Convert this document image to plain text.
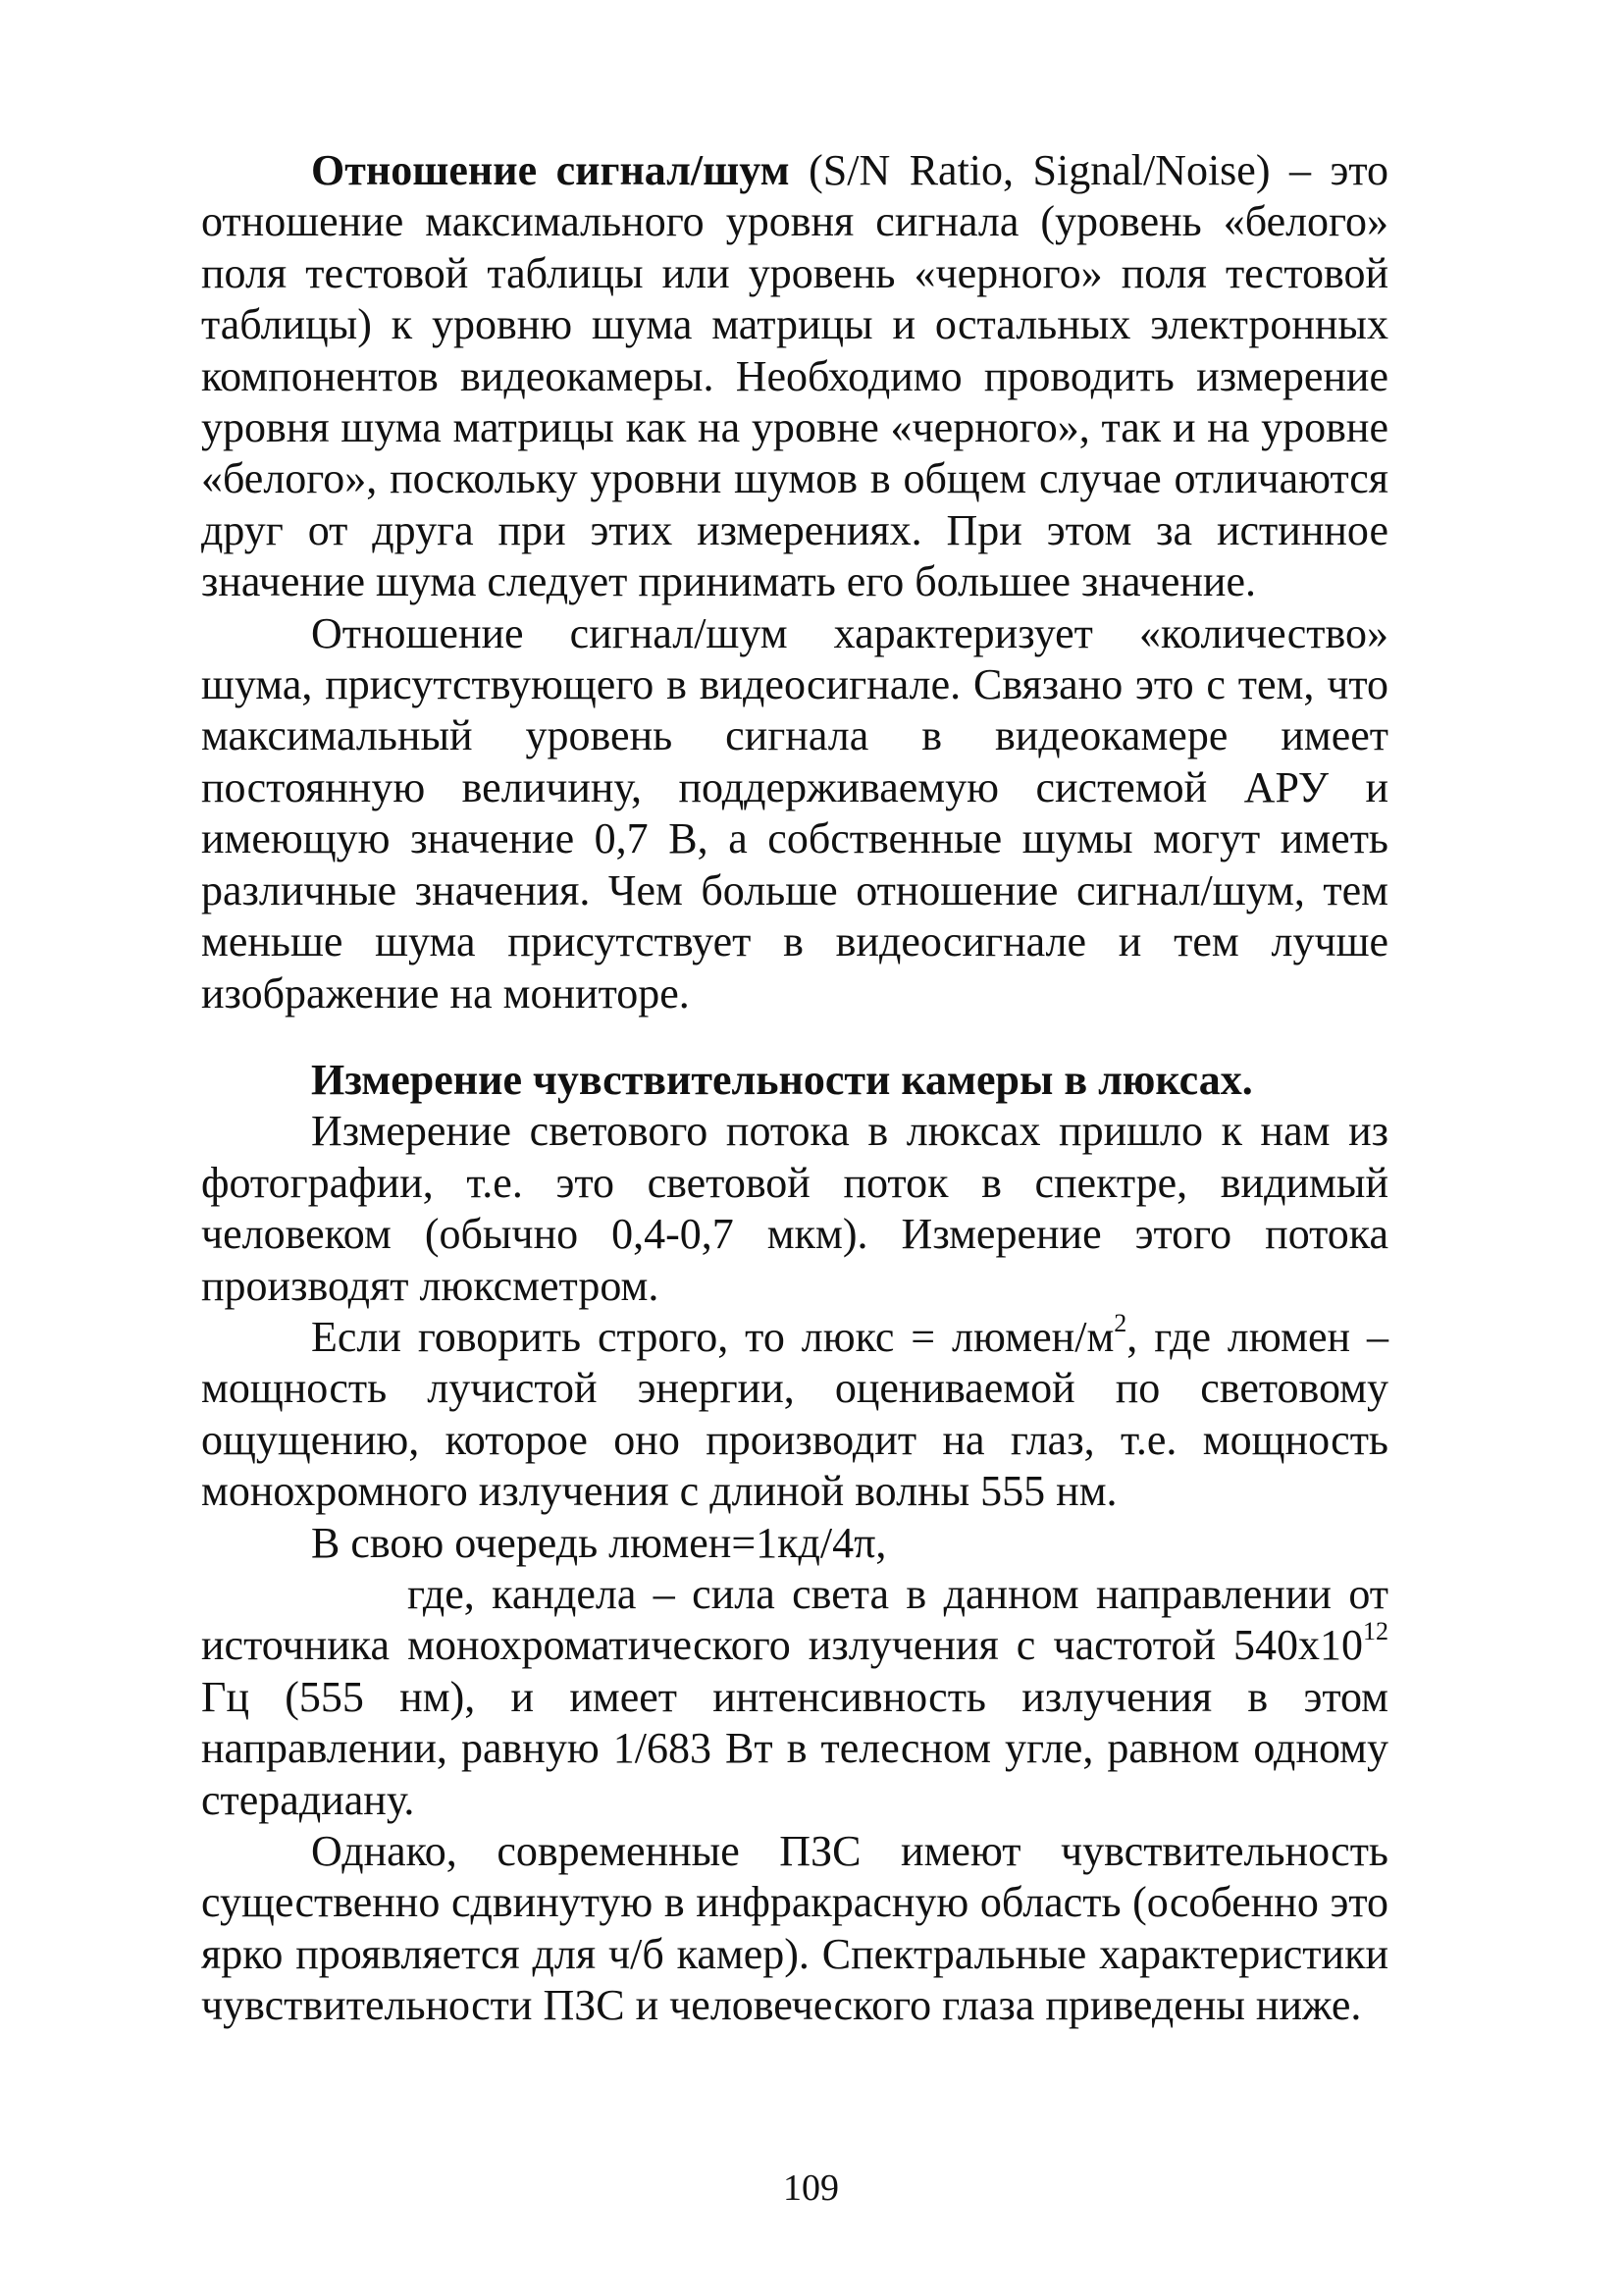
Отношение сигнал/шум (S/N Ratio, Signal/Noise) – это отношение максимального уровня сигнала (уровень «белого» поля тестовой таблицы или уровень «черного» поля тестовой таблицы) к уровню шума матрицы и остальных электронных компонентов видеокамеры. Необходимо проводить измерение уровня шума матрицы как на уровне «черного», так и на уровне «белого», поскольку уровни шумов в общем случае отличаются друг от друга при этих измерениях. При этом за истинное значение шума следует принимать его большее значение.

Отношение сигнал/шум характеризует «количество» шума, присутствующего в видеосигнале. Связано это с тем, что максимальный уровень сигнала в видеокамере имеет постоянную величину, поддерживаемую системой АРУ и имеющую значение 0,7 В, а собственные шумы могут иметь различные значения. Чем больше отношение сигнал/шум, тем меньше шума присутствует в видеосигнале и тем лучше изображение на мониторе.

Измерение чувствительности камеры в люксах.

Измерение светового потока в люксах пришло к нам из фотографии, т.е. это световой поток в спектре, видимый человеком (обычно 0,4-0,7 мкм). Измерение этого потока производят люксметром.

Если говорить строго, то люкс = люмен/$м^2$, где люмен – мощность лучистой энергии, оцениваемой по световому ощущению, которое оно производит на глаз, т.е. мощность монохромного излучения с длиной волны 555 нм.

В свою очередь люмен=1кд/4π,

где, кандела – сила света в данном направлении от источника монохроматического излучения с частотой $540х10^{12}$ Гц (555 нм), и имеет интенсивность излучения в этом направлении, равную 1/683 Вт в телесном угле, равном одному стерадиану.

Однако, современные ПЗС имеют чувствительность существенно сдвинутую в инфракрасную область (особенно это ярко проявляется для ч/б камер). Спектральные характеристики чувствительности ПЗС и человеческого глаза приведены ниже.

109
